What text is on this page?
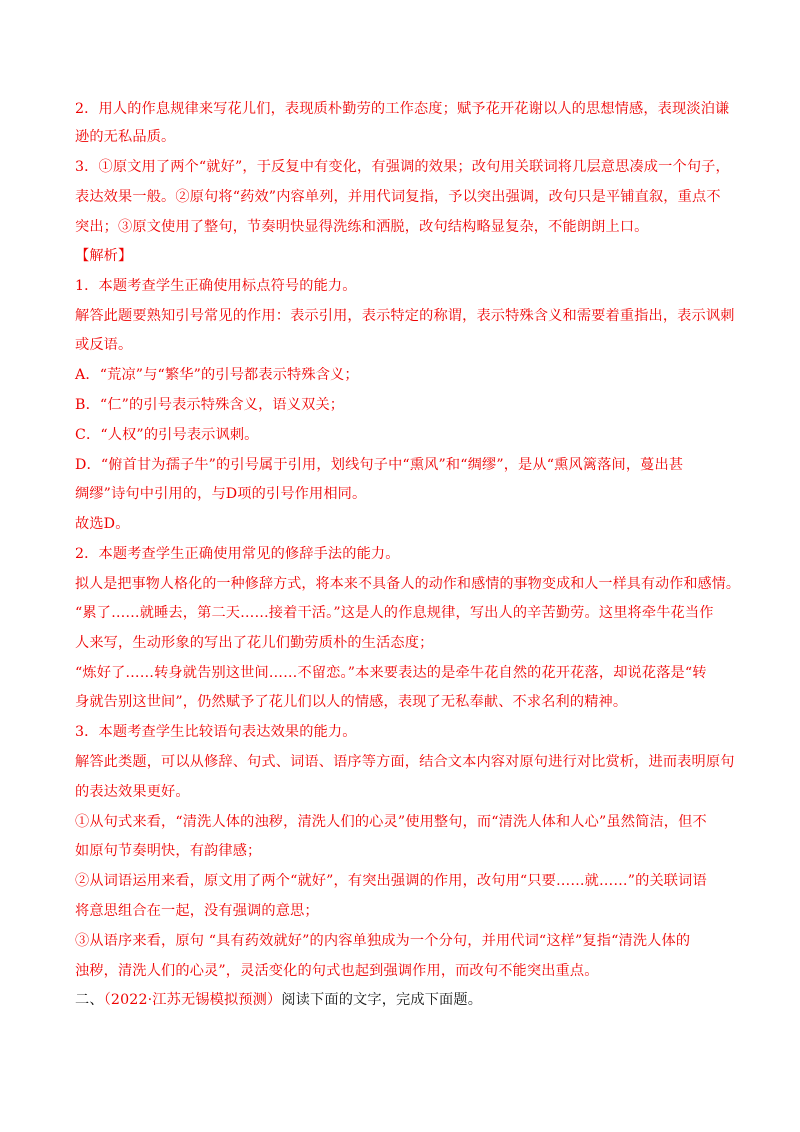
2．用人的作息规律来写花儿们，表现质朴勤劳的工作态度；赋予花开花谢以人的思想情感，表现淡泊谦
逊的无私品质。
3．①原文用了两个“就好”，于反复中有变化，有强调的效果；改句用关联词将几层意思凑成一个句子，
表达效果一般。②原句将“药效”内容单列，并用代词复指，予以突出强调，改句只是平铺直叙，重点不
突出；③原文使用了整句，节奏明快显得洗练和洒脱，改句结构略显复杂，不能朗朗上口。
【解析】
1．本题考查学生正确使用标点符号的能力。
解答此题要熟知引号常见的作用：表示引用，表示特定的称谓，表示特殊含义和需要着重指出，表示讽刺
或反语。
A．“荒凉”与“繁华”的引号都表示特殊含义；
B．“仁”的引号表示特殊含义，语义双关；
C．“人权”的引号表示讽刺。
D．“俯首甘为孺子牛”的引号属于引用，划线句子中“熏风”和“绸缪”，是从“熏风篱落间，蔓出甚
绸缪”诗句中引用的，与D项的引号作用相同。
故选D。
2．本题考查学生正确使用常见的修辞手法的能力。
拟人是把事物人格化的一种修辞方式，将本来不具备人的动作和感情的事物变成和人一样具有动作和感情。
“累了……就睡去，第二天……接着干活。”这是人的作息规律，写出人的辛苦勤劳。这里将牵牛花当作
人来写，生动形象的写出了花儿们勤劳质朴的生活态度；
“炼好了……转身就告别这世间……不留恋。”本来要表达的是牵牛花自然的花开花落，却说花落是“转
身就告别这世间”，仍然赋予了花儿们以人的情感，表现了无私奉献、不求名利的精神。
3．本题考查学生比较语句表达效果的能力。
解答此类题，可以从修辞、句式、词语、语序等方面，结合文本内容对原句进行对比赏析，进而表明原句
的表达效果更好。
①从句式来看，“清洗人体的浊秽，清洗人们的心灵”使用整句，而“清洗人体和人心”虽然简洁，但不
如原句节奏明快，有韵律感；
②从词语运用来看，原文用了两个“就好”，有突出强调的作用，改句用“只要……就……”的关联词语
将意思组合在一起，没有强调的意思；
③从语序来看，原句 “具有药效就好”的内容单独成为一个分句，并用代词“这样”复指“清洗人体的
浊秽，清洗人们的心灵”，灵活变化的句式也起到强调作用，而改句不能突出重点。
二、（2022·江苏无锡模拟预测）阅读下面的文字，完成下面题。
